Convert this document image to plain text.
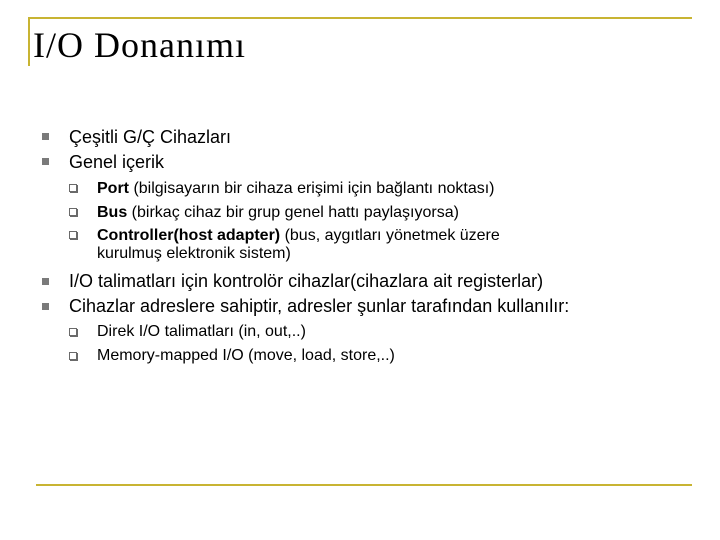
I/O Donanımı
Çeşitli G/Ç Cihazları
Genel içerik
Port (bilgisayarın bir cihaza erişimi için bağlantı noktası)
Bus (birkaç cihaz bir grup genel hattı paylaşıyorsa)
Controller(host adapter) (bus, aygıtları yönetmek üzere
kurulmuş elektronik sistem)
I/O talimatları için kontrolör cihazlar(cihazlara ait registerlar)
Cihazlar adreslere sahiptir, adresler şunlar tarafından kullanılır:
Direk I/O talimatları (in, out,..)
Memory-mapped I/O (move, load, store,..)
